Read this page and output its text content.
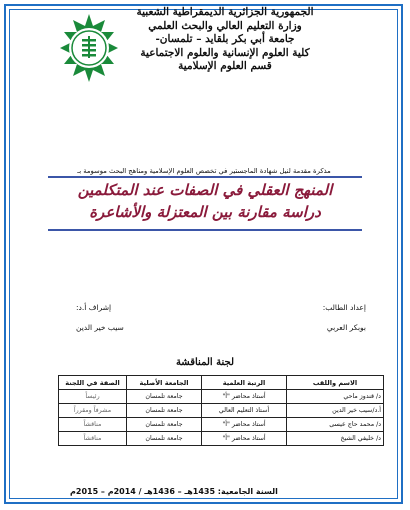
الجمهورية الجزائرية الديمقراطية الشعبية
وزارة التعليم العالي والبحث العلمي
جامعة أبي بكر بلقايد – تلمسان-
كلية العلوم الإنسانية والعلوم الاجتماعية
قسم العلوم الإسلامية
مذكرة مقدمة لنيل شهادة الماجستير في تخصص العلوم الإسلامية ومناهج البحث موسومة بـ
المنهج العقلي في الصفات عند المتكلمين
دراسة مقارنة بين المعتزلة والأشاعرة
إعداد الطالب:
بوبكر العربي
إشراف أ.د:
سيب خير الدين
لجنة المناقشة
الاسم واللقب	الرتبة العلمية	الجامعة الأصلية	الصفة في اللجنة
د/ قندوز ماحي	أستاذ محاضر "أ"	جامعة تلمسان	رئيساً
أ.د/سيب خير الدين	أستاذ التعليم العالي	جامعة تلمسان	مشرفاً ومقرراً
د/ محمد حاج عيسى	أستاذ محاضر "أ"	جامعة تلمسان	مناقشاً
د/ خليفي الشيخ	أستاذ محاضر "أ"	جامعة تلمسان	مناقشاً
السنة الجامعية: 1435هـ – 1436هـ / 2014م – 2015م
